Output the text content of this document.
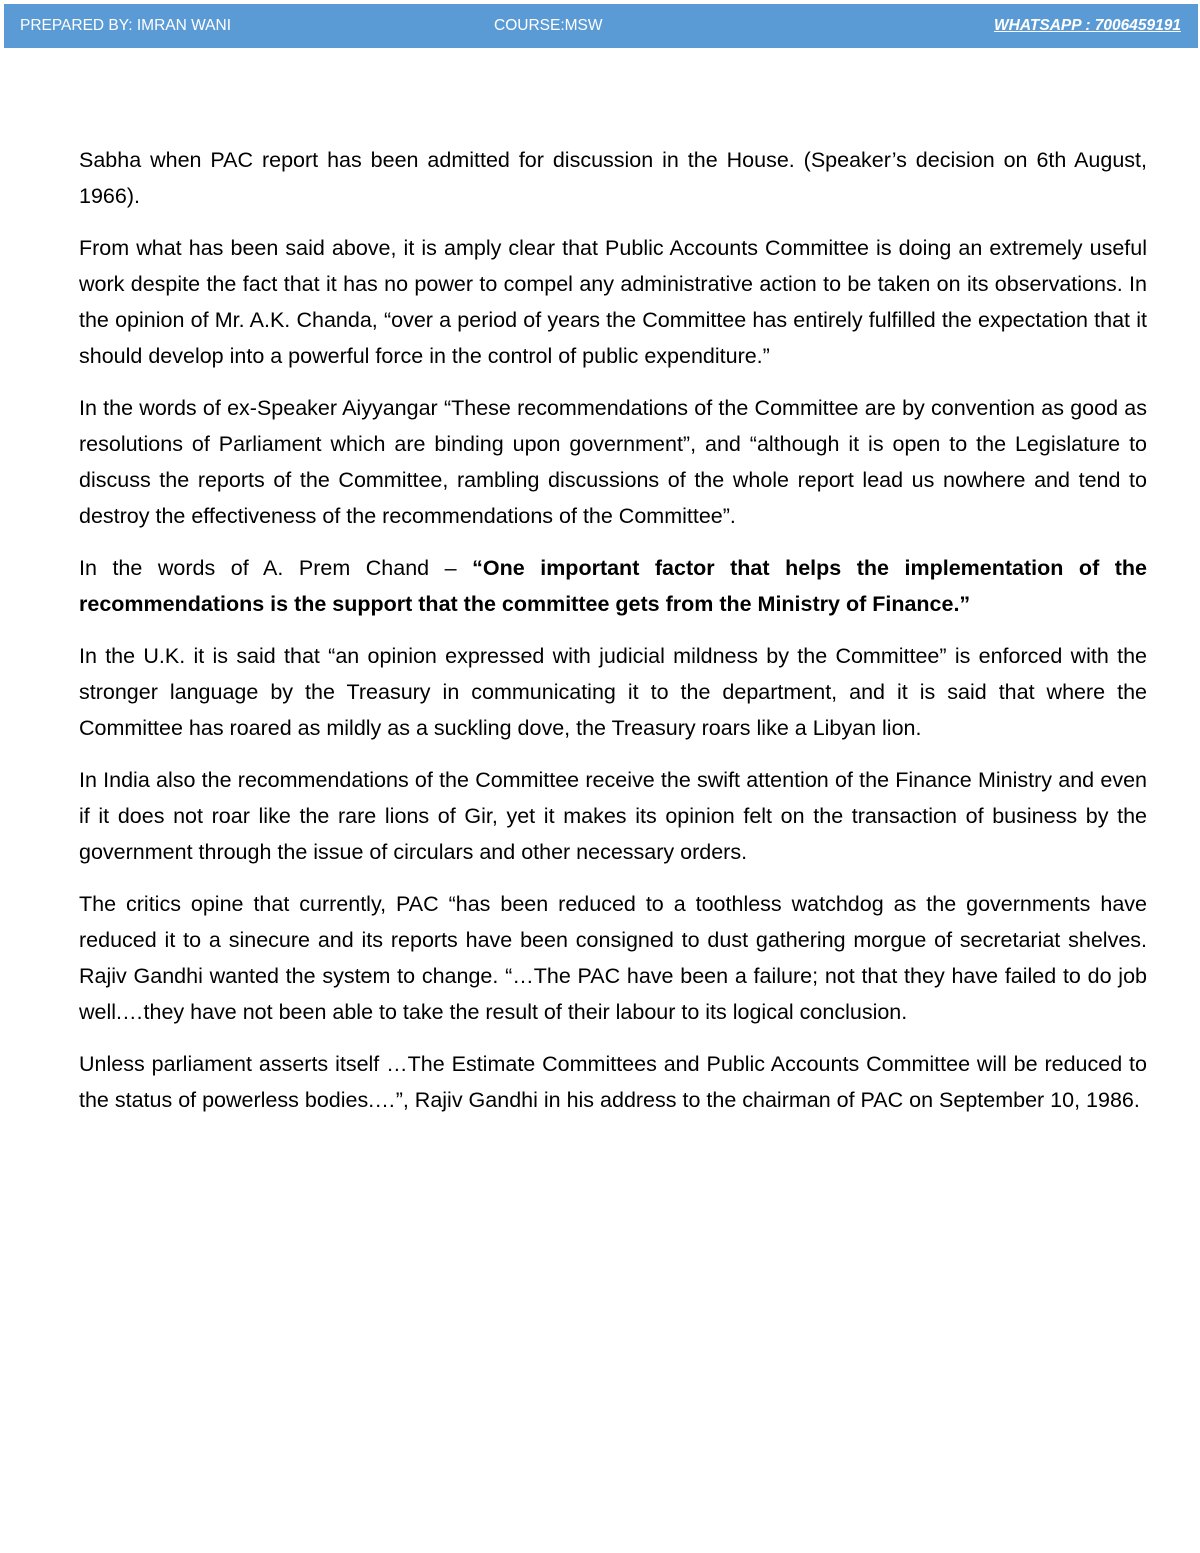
PREPARED BY: IMRAN WANI	COURSE:MSW	WHATSAPP : 7006459191

Sabha when PAC report has been admitted for discussion in the House. (Speaker’s decision on 6th August, 1966).

From what has been said above, it is amply clear that Public Accounts Committee is doing an extremely useful work despite the fact that it has no power to compel any administrative action to be taken on its observations. In the opinion of Mr. A.K. Chanda, “over a period of years the Committee has entirely fulfilled the expectation that it should develop into a powerful force in the control of public expenditure.”

In the words of ex-Speaker Aiyyangar “These recommendations of the Committee are by convention as good as resolutions of Parliament which are binding upon government”, and “although it is open to the Legislature to discuss the reports of the Committee, rambling discussions of the whole report lead us nowhere and tend to destroy the effectiveness of the recommendations of the Committee”.

In the words of A. Prem Chand – “One important factor that helps the implementation of the recommendations is the support that the committee gets from the Ministry of Finance.”

In the U.K. it is said that “an opinion expressed with judicial mildness by the Committee” is enforced with the stronger language by the Treasury in communicating it to the department, and it is said that where the Committee has roared as mildly as a suckling dove, the Treasury roars like a Libyan lion.

In India also the recommendations of the Committee receive the swift attention of the Finance Ministry and even if it does not roar like the rare lions of Gir, yet it makes its opinion felt on the transaction of business by the government through the issue of circulars and other necessary orders.

The critics opine that currently, PAC “has been reduced to a toothless watchdog as the governments have reduced it to a sinecure and its reports have been consigned to dust gathering morgue of secretariat shelves. Rajiv Gandhi wanted the system to change. “…The PAC have been a failure; not that they have failed to do job well.…they have not been able to take the result of their labour to its logical conclusion.

Unless parliament asserts itself …The Estimate Committees and Public Accounts Committee will be reduced to the status of powerless bodies.…”, Rajiv Gandhi in his address to the chairman of PAC on September 10, 1986.
